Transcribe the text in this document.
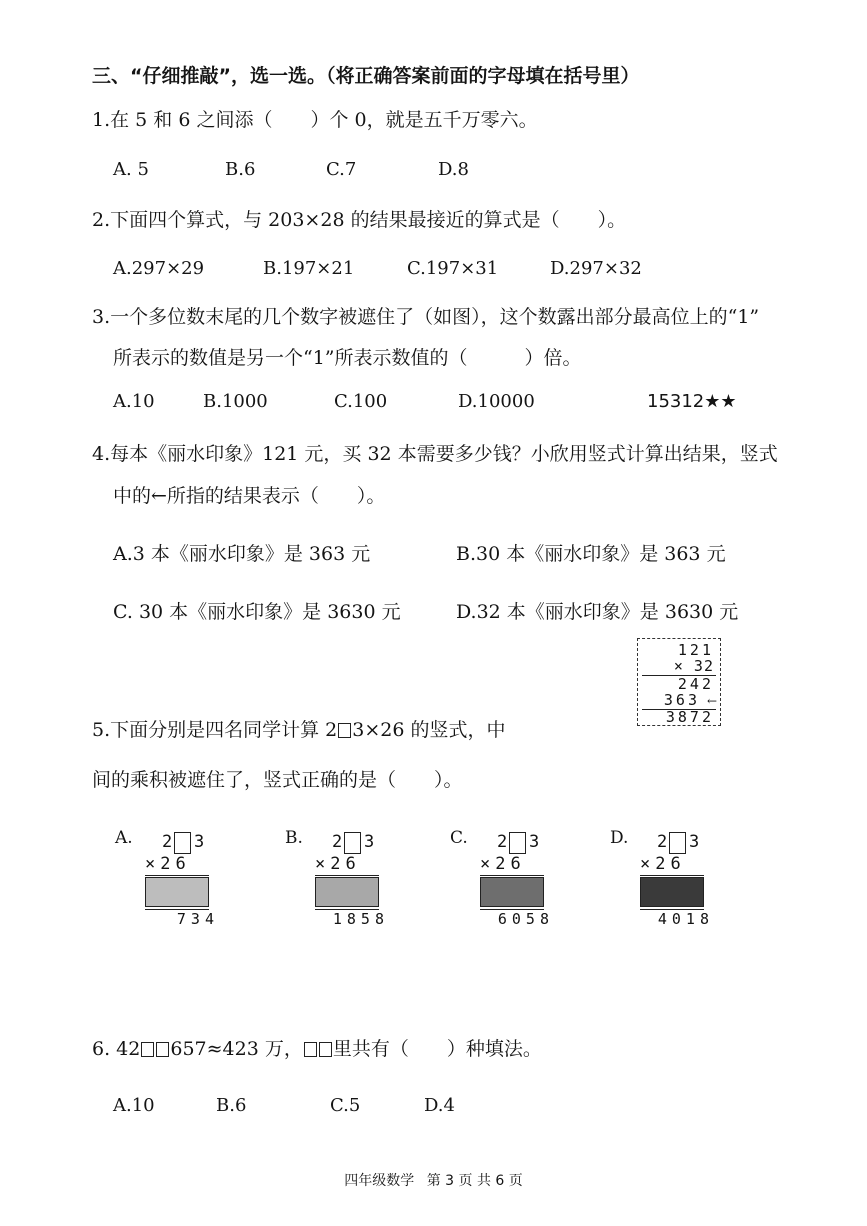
三、“仔细推敲”，选一选。（将正确答案前面的字母填在括号里）
1.在 5 和 6 之间添（　　）个 0，就是五千万零六。
A. 5	B.6	C.7	D.8
2.下面四个算式，与 203×28 的结果最接近的算式是（　　）。
A.297×29	B.197×21	C.197×31	D.297×32
3.一个多位数末尾的几个数字被遮住了（如图），这个数露出部分最高位上的“1”
所表示的数值是另一个“1”所表示数值的（　　　）倍。
A.10	B.1000	C.100	D.10000	15312★★
4.每本《丽水印象》121 元，买 32 本需要多少钱？小欣用竖式计算出结果，竖式
中的←所指的结果表示（　　）。
A.3 本《丽水印象》是 363 元	B.30 本《丽水印象》是 363 元
C. 30 本《丽水印象》是 3630 元	D.32 本《丽水印象》是 3630 元
121
× 32
242
363 ←
3872
5.下面分别是四名同学计算 2 3×26 的竖式，中
间的乘积被遮住了，竖式正确的是（　　）。
A. 2 3
×26
734
B. 2 3
×26
1858
C. 2 3
×26
6058
D. 2 3
×26
4018
6. 42 657≈423 万， 里共有（　　）种填法。
A.10	B.6	C.5	D.4
四年级数学 第 3 页 共 6 页
